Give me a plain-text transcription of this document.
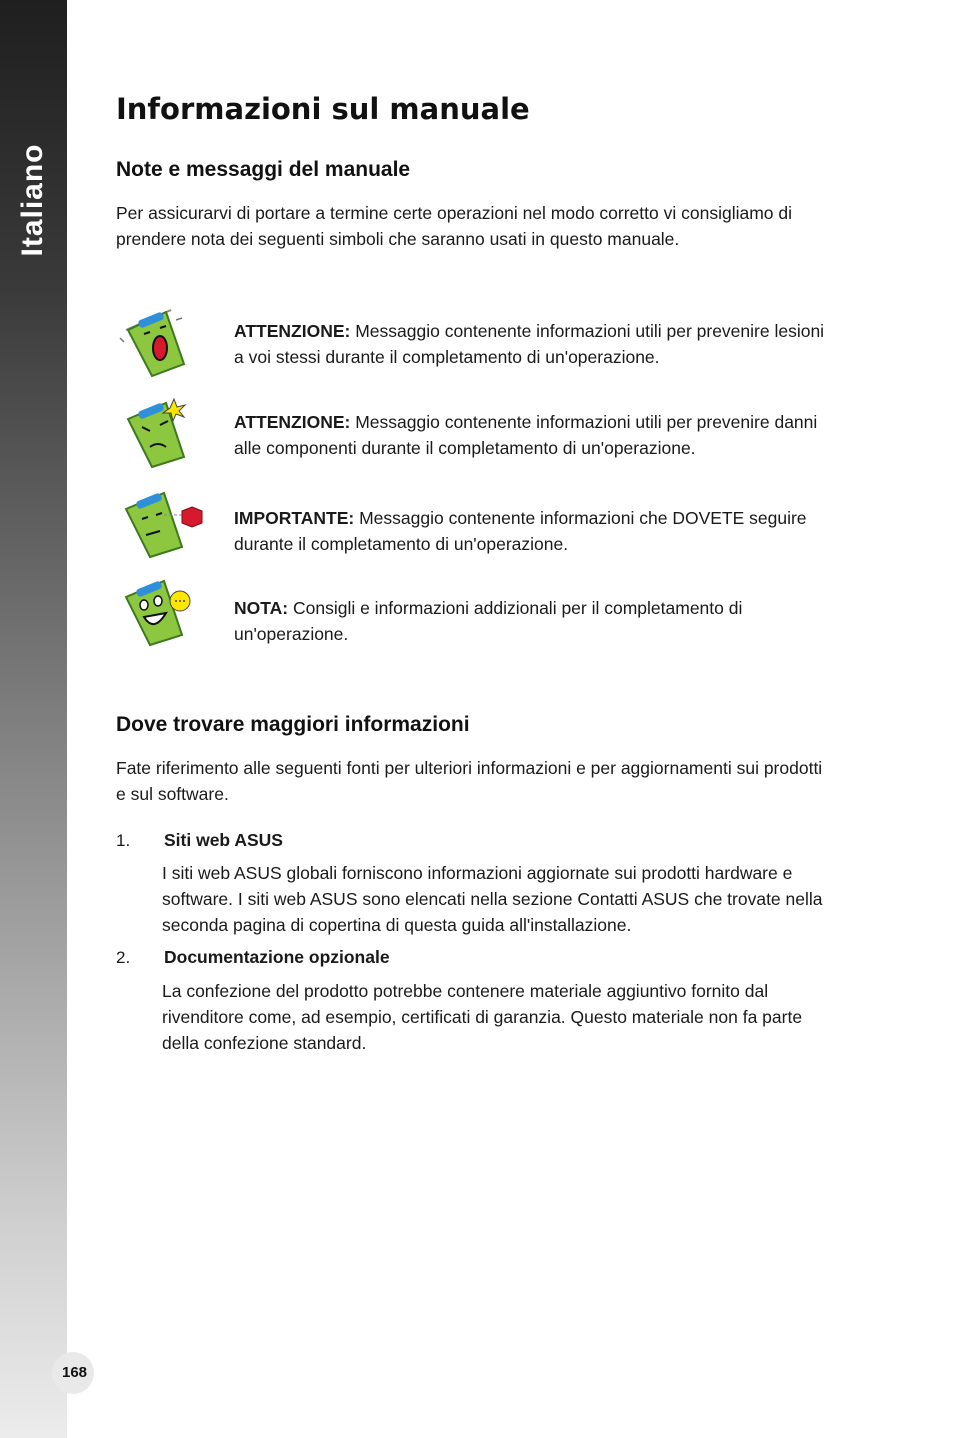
Italiano
168
Informazioni sul manuale
Note e messaggi del manuale

Per assicurarvi di portare a termine certe operazioni nel modo corretto vi consigliamo di prendere nota dei seguenti simboli che saranno usati in questo manuale.

ATTENZIONE: Messaggio contenente informazioni utili per prevenire lesioni a voi stessi durante il completamento di un'operazione.

ATTENZIONE: Messaggio contenente informazioni utili per prevenire danni alle componenti durante il completamento di un'operazione.

IMPORTANTE: Messaggio contenente informazioni che DOVETE seguire durante il completamento di un'operazione.

NOTA: Consigli e informazioni addizionali per il completamento di un'operazione.

Dove trovare maggiori informazioni

Fate riferimento alle seguenti fonti per ulteriori informazioni e per aggiornamenti sui prodotti e sul software.

1. Siti web ASUS

I siti web ASUS globali forniscono informazioni aggiornate sui prodotti hardware e software. I siti web ASUS sono elencati nella sezione Contatti ASUS che trovate nella seconda pagina di copertina di questa guida all'installazione.

2. Documentazione opzionale

La confezione del prodotto potrebbe contenere materiale aggiuntivo fornito dal rivenditore come, ad esempio, certificati di garanzia. Questo materiale non fa parte della confezione standard.
